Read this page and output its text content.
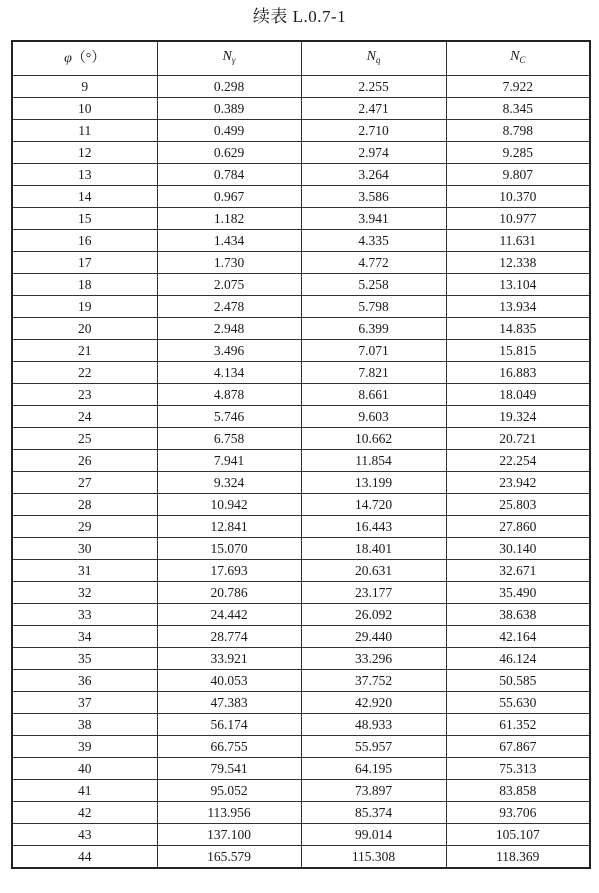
续表 L.0.7-1
φ（°）	$N_\gamma$	$N_q$	$N_C$
9	0.298	2.255	7.922
10	0.389	2.471	8.345
11	0.499	2.710	8.798
12	0.629	2.974	9.285
13	0.784	3.264	9.807
14	0.967	3.586	10.370
15	1.182	3.941	10.977
16	1.434	4.335	11.631
17	1.730	4.772	12.338
18	2.075	5.258	13.104
19	2.478	5.798	13.934
20	2.948	6.399	14.835
21	3.496	7.071	15.815
22	4.134	7.821	16.883
23	4.878	8.661	18.049
24	5.746	9.603	19.324
25	6.758	10.662	20.721
26	7.941	11.854	22.254
27	9.324	13.199	23.942
28	10.942	14.720	25.803
29	12.841	16.443	27.860
30	15.070	18.401	30.140
31	17.693	20.631	32.671
32	20.786	23.177	35.490
33	24.442	26.092	38.638
34	28.774	29.440	42.164
35	33.921	33.296	46.124
36	40.053	37.752	50.585
37	47.383	42.920	55.630
38	56.174	48.933	61.352
39	66.755	55.957	67.867
40	79.541	64.195	75.313
41	95.052	73.897	83.858
42	113.956	85.374	93.706
43	137.100	99.014	105.107
44	165.579	115.308	118.369
